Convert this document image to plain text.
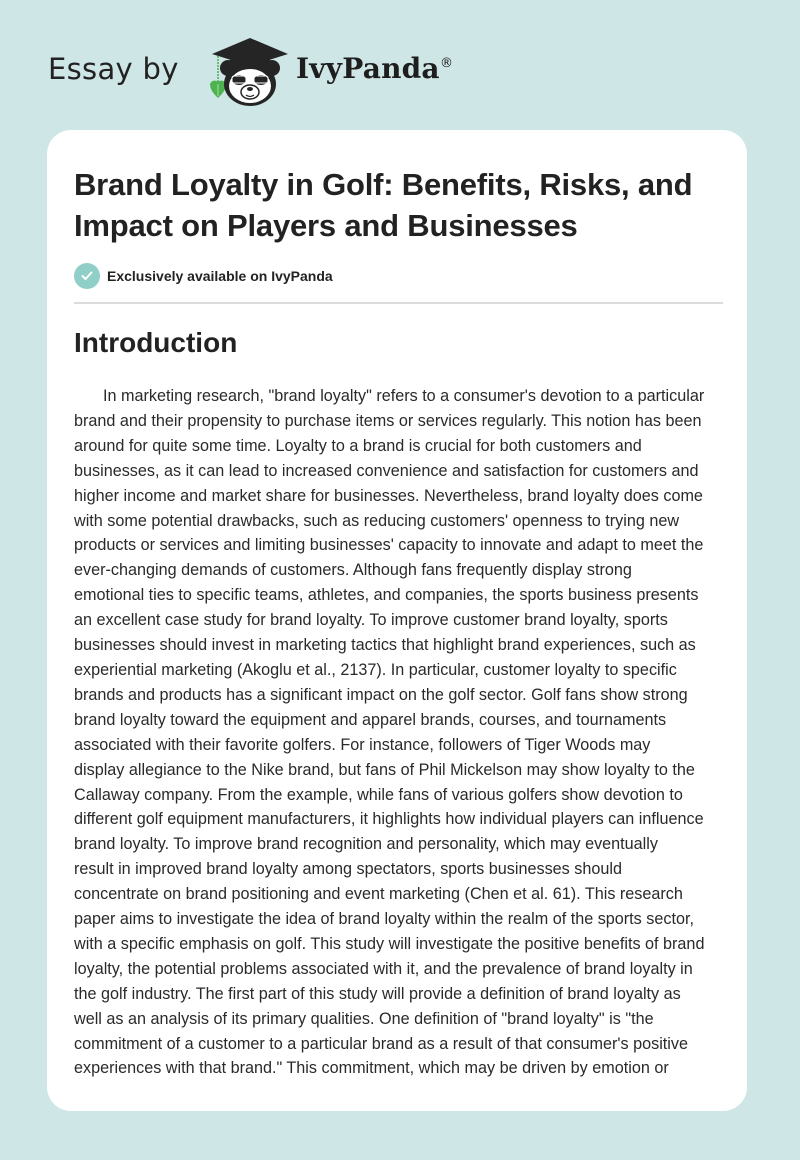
Essay by	IvyPanda ®
Brand Loyalty in Golf: Benefits, Risks, and Impact on Players and Businesses
Exclusively available on IvyPanda
Introduction

In marketing research, "brand loyalty" refers to a consumer's devotion to a particular
brand and their propensity to purchase items or services regularly. This notion has been
around for quite some time. Loyalty to a brand is crucial for both customers and
businesses, as it can lead to increased convenience and satisfaction for customers and
higher income and market share for businesses. Nevertheless, brand loyalty does come
with some potential drawbacks, such as reducing customers' openness to trying new
products or services and limiting businesses' capacity to innovate and adapt to meet the
ever-changing demands of customers. Although fans frequently display strong
emotional ties to specific teams, athletes, and companies, the sports business presents
an excellent case study for brand loyalty. To improve customer brand loyalty, sports
businesses should invest in marketing tactics that highlight brand experiences, such as
experiential marketing (Akoglu et al., 2137). In particular, customer loyalty to specific
brands and products has a significant impact on the golf sector. Golf fans show strong
brand loyalty toward the equipment and apparel brands, courses, and tournaments
associated with their favorite golfers. For instance, followers of Tiger Woods may
display allegiance to the Nike brand, but fans of Phil Mickelson may show loyalty to the
Callaway company. From the example, while fans of various golfers show devotion to
different golf equipment manufacturers, it highlights how individual players can influence
brand loyalty. To improve brand recognition and personality, which may eventually
result in improved brand loyalty among spectators, sports businesses should
concentrate on brand positioning and event marketing (Chen et al. 61). This research
paper aims to investigate the idea of brand loyalty within the realm of the sports sector,
with a specific emphasis on golf. This study will investigate the positive benefits of brand
loyalty, the potential problems associated with it, and the prevalence of brand loyalty in
the golf industry. The first part of this study will provide a definition of brand loyalty as
well as an analysis of its primary qualities. One definition of "brand loyalty" is "the
commitment of a customer to a particular brand as a result of that consumer's positive
experiences with that brand." This commitment, which may be driven by emotion or
